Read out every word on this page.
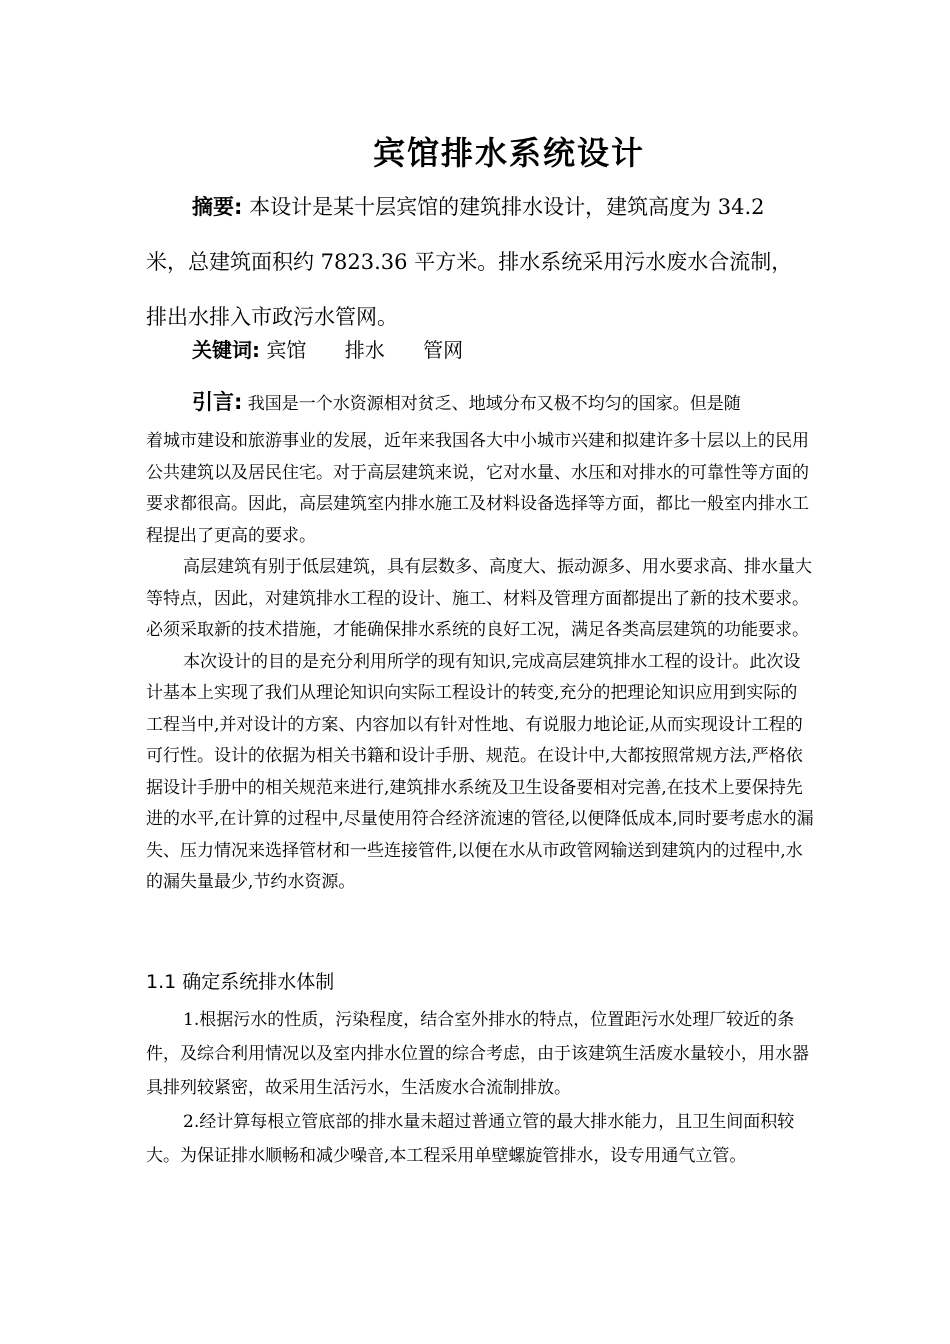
宾馆排水系统设计
摘要: 本设计是某十层宾馆的建筑排水设计，建筑高度为 34.2 米，总建筑面积约 7823.36 平方米。排水系统采用污水废水合流制，排出水排入市政污水管网。
关键词: 宾馆 排水 管网
引言: 我国是一个水资源相对贫乏、地域分布又极不均匀的国家。但是随

着城市建设和旅游事业的发展，近年来我国各大中小城市兴建和拟建许多十层以上的民用公共建筑以及居民住宅。对于高层建筑来说，它对水量、水压和对排水的可靠性等方面的要求都很高。因此，高层建筑室内排水施工及材料设备选择等方面，都比一般室内排水工程提出了更高的要求。

高层建筑有别于低层建筑，具有层数多、高度大、振动源多、用水要求高、排水量大等特点，因此，对建筑排水工程的设计、施工、材料及管理方面都提出了新的技术要求。必须采取新的技术措施，才能确保排水系统的良好工况，满足各类高层建筑的功能要求。

本次设计的目的是充分利用所学的现有知识,完成高层建筑排水工程的设计。此次设计基本上实现了我们从理论知识向实际工程设计的转变,充分的把理论知识应用到实际的工程当中,并对设计的方案、内容加以有针对性地、有说服力地论证,从而实现设计工程的可行性。设计的依据为相关书籍和设计手册、规范。在设计中,大都按照常规方法,严格依据设计手册中的相关规范来进行,建筑排水系统及卫生设备要相对完善,在技术上要保持先进的水平,在计算的过程中,尽量使用符合经济流速的管径,以便降低成本,同时要考虑水的漏失、压力情况来选择管材和一些连接管件,以便在水从市政管网输送到建筑内的过程中,水的漏失量最少,节约水资源。

1.1 确定系统排水体制

1.根据污水的性质，污染程度，结合室外排水的特点，位置距污水处理厂较近的条件，及综合利用情况以及室内排水位置的综合考虑，由于该建筑生活废水量较小，用水器具排列较紧密，故采用生活污水，生活废水合流制排放。

2.经计算每根立管底部的排水量未超过普通立管的最大排水能力，且卫生间面积较大。为保证排水顺畅和减少噪音,本工程采用单壁螺旋管排水，设专用通气立管。
